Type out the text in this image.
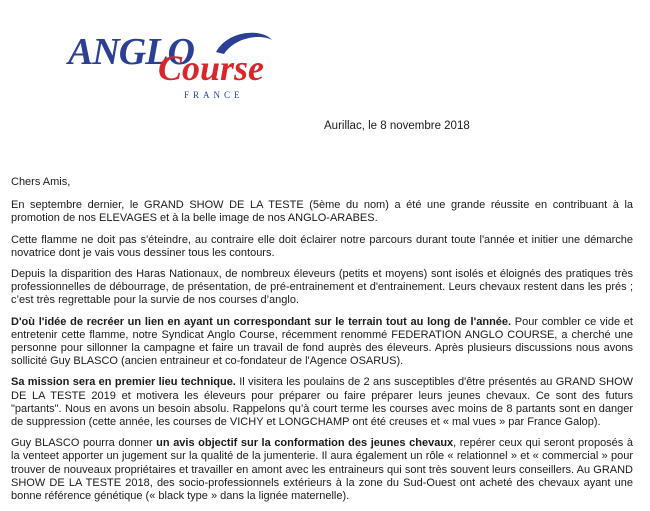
ANGLO
Course
FRANCE
Aurillac, le 8 novembre 2018

Chers Amis,

En septembre dernier, le GRAND SHOW DE LA TESTE (5ème du nom) a été une grande réussite en contribuant à la promotion de nos ELEVAGES et à la belle image de nos ANGLO-ARABES.

Cette flamme ne doit pas s'éteindre, au contraire elle doit éclairer notre parcours durant toute l'année et initier une démarche novatrice dont je vais vous dessiner tous les contours.

Depuis la disparition des Haras Nationaux, de nombreux éleveurs (petits et moyens) sont isolés et éloignés des pratiques très professionnelles de débourrage, de présentation, de pré-entrainement et d'entrainement. Leurs chevaux restent dans les prés ; c’est très regrettable pour la survie de nos courses d’anglo.

D'où l'idée de recréer un lien en ayant un correspondant sur le terrain tout au long de l'année. Pour combler ce vide et entretenir cette flamme, notre Syndicat Anglo Course, récemment renommé FEDERATION ANGLO COURSE, a cherché une personne pour sillonner la campagne et faire un travail de fond auprès des éleveurs. Après plusieurs discussions nous avons sollicité Guy BLASCO (ancien entraineur et co-fondateur de l'Agence OSARUS).

Sa mission sera en premier lieu technique. Il visitera les poulains de 2 ans susceptibles d'être présentés au GRAND SHOW DE LA TESTE 2019 et motivera les éleveurs pour préparer ou faire préparer leurs jeunes chevaux. Ce sont des futurs "partants". Nous en avons un besoin absolu. Rappelons qu’à court terme les courses avec moins de 8 partants sont en danger de suppression (cette année, les courses de VICHY et LONGCHAMP ont été creuses et « mal vues » par France Galop).

Guy BLASCO pourra donner un avis objectif sur la conformation des jeunes chevaux, repérer ceux qui seront proposés à la venteet apporter un jugement sur la qualité de la jumenterie. Il aura également un rôle « relationnel » et « commercial » pour trouver de nouveaux propriétaires et travailler en amont avec les entraineurs qui sont très souvent leurs conseillers. Au GRAND SHOW DE LA TESTE 2018, des socio-professionnels extérieurs à la zone du Sud-Ouest ont acheté des chevaux ayant une bonne référence génétique (« black type » dans la lignée maternelle).
